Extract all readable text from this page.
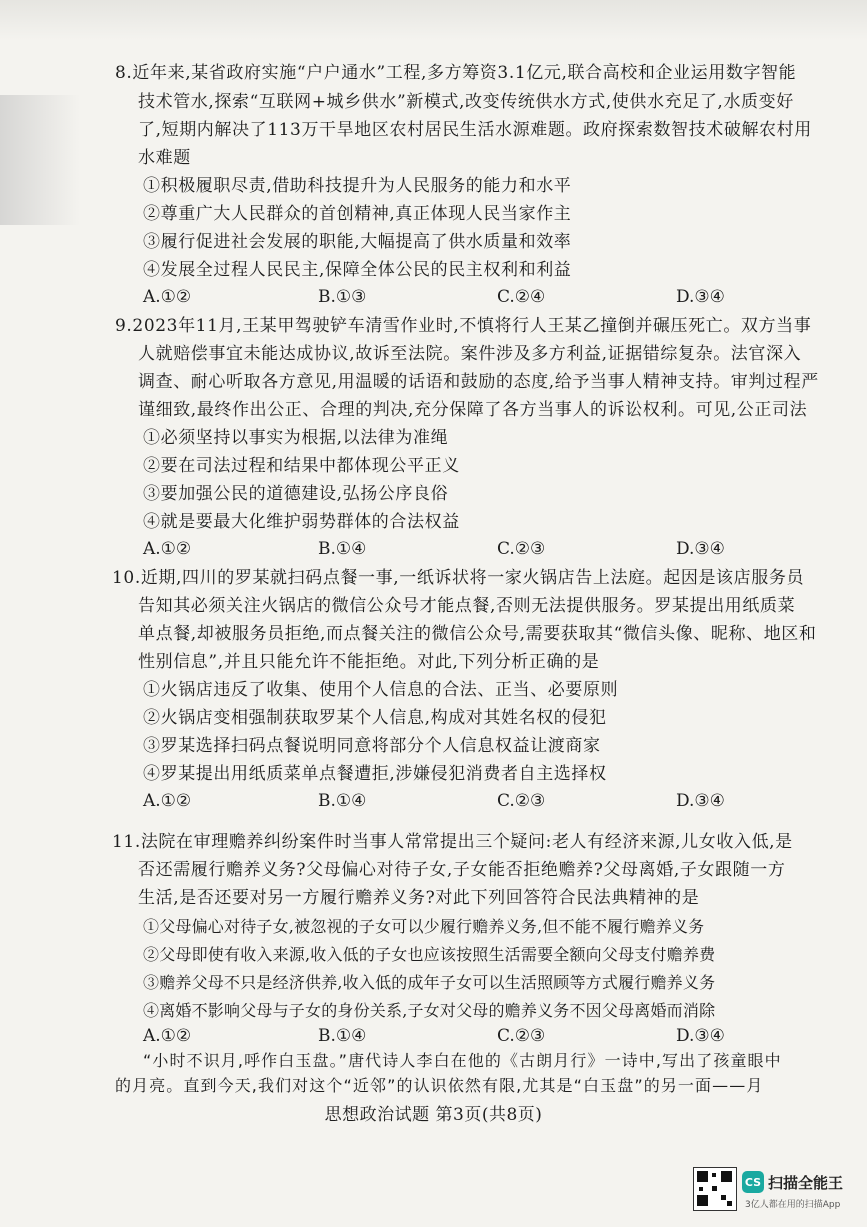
8.近年来,某省政府实施“户户通水”工程,多方筹资3.1亿元,联合高校和企业运用数字智能
技术管水,探索“互联网+城乡供水”新模式,改变传统供水方式,使供水充足了,水质变好
了,短期内解决了113万干旱地区农村居民生活水源难题。政府探索数智技术破解农村用
水难题
①积极履职尽责,借助科技提升为人民服务的能力和水平
②尊重广大人民群众的首创精神,真正体现人民当家作主
③履行促进社会发展的职能,大幅提高了供水质量和效率
④发展全过程人民民主,保障全体公民的民主权利和利益
A.①②	B.①③	C.②④	D.③④
9.2023年11月,王某甲驾驶铲车清雪作业时,不慎将行人王某乙撞倒并碾压死亡。双方当事
人就赔偿事宜未能达成协议,故诉至法院。案件涉及多方利益,证据错综复杂。法官深入
调查、耐心听取各方意见,用温暖的话语和鼓励的态度,给予当事人精神支持。审判过程严
谨细致,最终作出公正、合理的判决,充分保障了各方当事人的诉讼权利。可见,公正司法
①必须坚持以事实为根据,以法律为准绳
②要在司法过程和结果中都体现公平正义
③要加强公民的道德建设,弘扬公序良俗
④就是要最大化维护弱势群体的合法权益
A.①②	B.①④	C.②③	D.③④
10.近期,四川的罗某就扫码点餐一事,一纸诉状将一家火锅店告上法庭。起因是该店服务员
告知其必须关注火锅店的微信公众号才能点餐,否则无法提供服务。罗某提出用纸质菜
单点餐,却被服务员拒绝,而点餐关注的微信公众号,需要获取其“微信头像、昵称、地区和
性别信息”,并且只能允许不能拒绝。对此,下列分析正确的是
①火锅店违反了收集、使用个人信息的合法、正当、必要原则
②火锅店变相强制获取罗某个人信息,构成对其姓名权的侵犯
③罗某选择扫码点餐说明同意将部分个人信息权益让渡商家
④罗某提出用纸质菜单点餐遭拒,涉嫌侵犯消费者自主选择权
A.①②	B.①④	C.②③	D.③④
11.法院在审理赡养纠纷案件时当事人常常提出三个疑问:老人有经济来源,儿女收入低,是
否还需履行赡养义务?父母偏心对待子女,子女能否拒绝赡养?父母离婚,子女跟随一方
生活,是否还要对另一方履行赡养义务?对此下列回答符合民法典精神的是
①父母偏心对待子女,被忽视的子女可以少履行赡养义务,但不能不履行赡养义务
②父母即使有收入来源,收入低的子女也应该按照生活需要全额向父母支付赡养费
③赡养父母不只是经济供养,收入低的成年子女可以生活照顾等方式履行赡养义务
④离婚不影响父母与子女的身份关系,子女对父母的赡养义务不因父母离婚而消除
A.①②	B.①④	C.②③	D.③④
“小时不识月,呼作白玉盘。”唐代诗人李白在他的《古朗月行》一诗中,写出了孩童眼中
思想政治试题 第3页(共8页)
CS 扫描全能王
3亿人都在用的扫描App
的月亮。直到今天,我们对这个“近邻”的认识依然有限,尤其是“白玉盘”的另一面——月
